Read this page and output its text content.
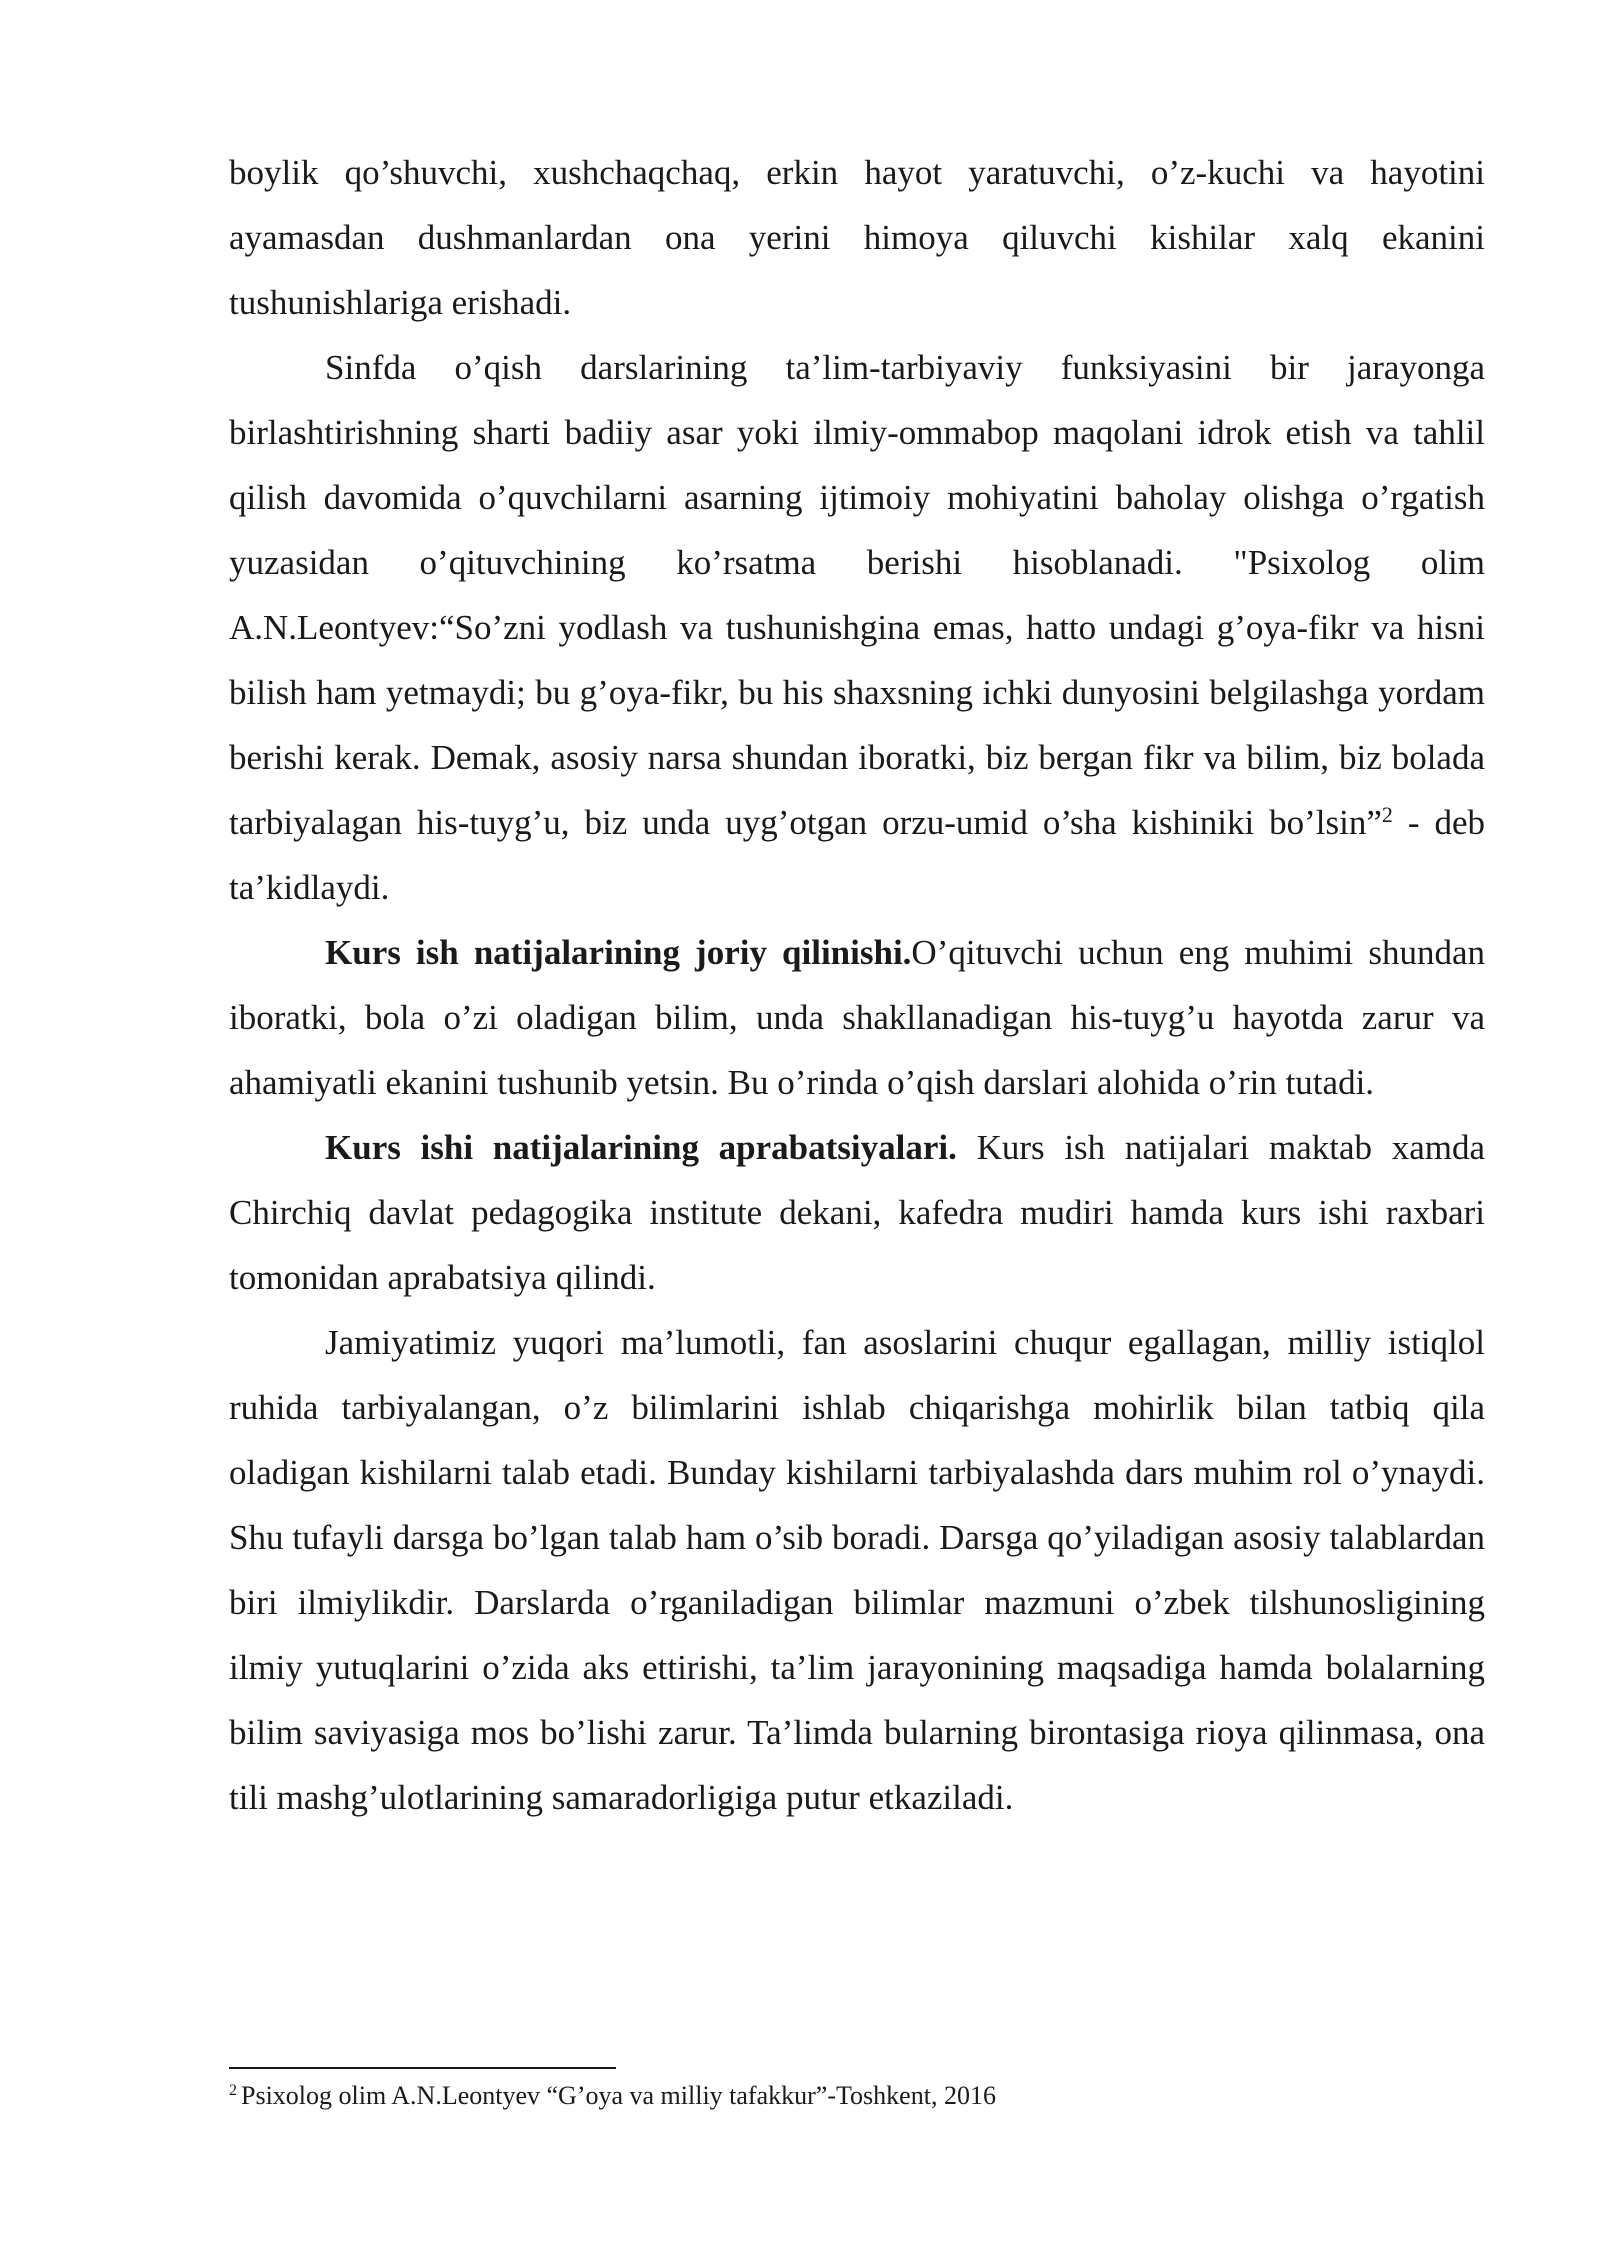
boylik qo’shuvchi, xushchaqchaq, erkin hayot yaratuvchi, o’z-kuchi va hayotini ayamasdan dushmanlardan ona yerini himoya qiluvchi kishilar xalq ekanini tushunishlariga erishadi.

Sinfda o’qish darslarining ta’lim-tarbiyaviy funksiyasini bir jarayonga birlashtirishning sharti badiiy asar yoki ilmiy-ommabop maqolani idrok etish va tahlil qilish davomida o’quvchilarni asarning ijtimoiy mohiyatini baholay olishga o’rgatish yuzasidan o’qituvchining ko’rsatma berishi hisoblanadi. "Psixolog olim A.N.Leontyev:“So’zni yodlash va tushunishgina emas, hatto undagi g’oya-fikr va hisni bilish ham yetmaydi; bu g’oya-fikr, bu his shaxsning ichki dunyosini belgilashga yordam berishi kerak. Demak, asosiy narsa shundan iboratki, biz bergan fikr va bilim, biz bolada tarbiyalagan his-tuyg’u, biz unda uyg’otgan orzu-umid o’sha kishiniki bo’lsin”$^2$ - deb ta’kidlaydi.

Kurs ish natijalarining joriy qilinishi.O’qituvchi uchun eng muhimi shundan iboratki, bola o’zi oladigan bilim, unda shakllanadigan his-tuyg’u hayotda zarur va ahamiyatli ekanini tushunib yetsin. Bu o’rinda o’qish darslari alohida o’rin tutadi.

Kurs ishi natijalarining aprabatsiyalari. Kurs ish natijalari maktab xamda Chirchiq davlat pedagogika institute dekani, kafedra mudiri hamda kurs ishi raxbari tomonidan aprabatsiya qilindi.

Jamiyatimiz yuqori ma’lumotli, fan asoslarini chuqur egallagan, milliy istiqlol ruhida tarbiyalangan, o’z bilimlarini ishlab chiqarishga mohirlik bilan tatbiq qila oladigan kishilarni talab etadi. Bunday kishilarni tarbiyalashda dars muhim rol o’ynaydi. Shu tufayli darsga bo’lgan talab ham o’sib boradi. Darsga qo’yiladigan asosiy talablardan biri ilmiylikdir. Darslarda o’rganiladigan bilimlar mazmuni o’zbek tilshunosligining ilmiy yutuqlarini o’zida aks ettirishi, ta’lim jarayonining maqsadiga hamda bolalarning bilim saviyasiga mos bo’lishi zarur. Ta’limda bularning birontasiga rioya qilinmasa, ona tili mashg’ulotlarining samaradorligiga putur etkaziladi.

$^2$ Psixolog olim A.N.Leontyev “G’oya va milliy tafakkur”-Toshkent, 2016
